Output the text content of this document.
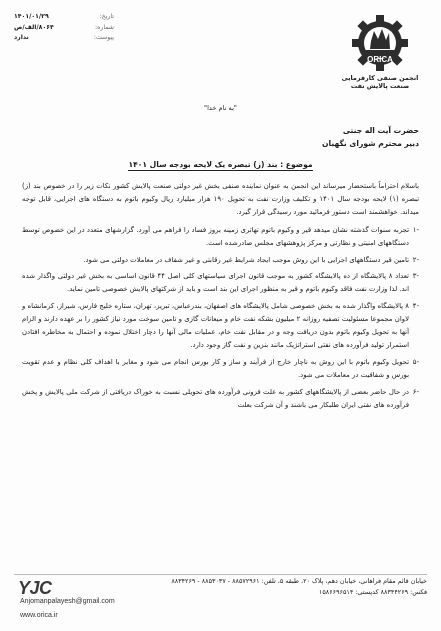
تاریخ:
۱۴۰۱/۰۱/۲۹
شماره:
۸۰۶۴/الف/ص
پیوست:
ندارد
ORICA
انجمن صنفی کارفرمایی
صنعت پالایش نفت
"به نام خدا"
حضرت آیت اله جنتی
دبیر محترم شورای نگهبان
موضوع : بند (ز) تبصره یک لایحه بودجه سال ۱۴۰۱

باسلام احتراماً باستحضار میرساند این انجمن به عنوان نماینده صنفی بخش غیر دولتی صنعت پالایش کشور نکات زیر را در خصوص بند (ز) تبصره (۱) لایحه بودجه سال ۱۴۰۱ و تکلیف وزارت نفت به تحویل ۱۹۰ هزار میلیارد ریال وکیوم باتوم به دستگاه های اجرایی، قابل توجه میداند. خواهشمند است دستور فرمائید مورد رسیدگی قرار گیرد.

-۱
تجربه سنوات گذشته نشان میدهد قیر و وکیوم باتوم تهاتری زمینه بروز فساد را فراهم می آورد. گزارشهای متعدد در این خصوص توسط دستگاههای امنیتی و نظارتی و مرکز پژوهشهای مجلس صادرشده است.
-۲
تامین قیر دستگاههای اجرایی با این روش موجب ایجاد شرایط غیر رقابتی و غیر شفاف در معاملات دولتی می شود.
-۳
تعداد ۸ پالایشگاه از ده پالایشگاه کشور به موجب قانون اجرای سیاستهای کلی اصل ۴۴ قانون اساسی به بخش غیر دولتی واگذار شده اند. لذا وزارت نفت فاقد وکیوم باتوم و قیر به منظور اجرای این بند است و باید از شرکتهای پالایش خصوصی تامین نماید.
-۴
۸ پالایشگاه واگذار شده به بخش خصوصی شامل پالایشگاه های اصفهان، بندرعباس، تبریز، تهران، ستاره خلیج فارس، شیراز، کرمانشاه و لاوان مجموعا مسئولیت تصفیه روزانه ۲ میلیون بشکه نفت خام و میعانات گازی و تامین سوخت مورد نیاز کشور را بر عهده دارند و الزام آنها به تحویل وکیوم باتوم بدون دریافت وجه و در مقابل نفت خام، عملیات مالی آنها را دچار اختلال نموده و احتمال به مخاطره افتادن استمرار تولید فرآورده های نفتی استراتژیک مانند بنزین و نفت گاز وجود دارد.
-۵
تحویل وکیوم باتوم با این روش به ناچار خارج از فرآیند و ساز و کار بورس انجام می شود و مغایر با اهداف کلی نظام و عدم تقویت بورس و شفافیت در معاملات می شود.
-۶
در حال حاضر بعضی از پالایشگاههای کشور به علت فزونی فرآورده های تحویلی نسبت به خوراک دریافتی از شرکت ملی پالایش و پخش فرآورده های نفتی ایران طلبکار می باشند و آن شرکت بعلت
خیابان قائم مقام فراهانی، خیابان دهم، پلاک ۲۰، طبقه ۵، تلفن: ۸۸۵۷۲۹۶۱ - ۸۸۵۳۰۳۷ - ۸۸۳۴۲۶۹
فکس: ۸۸۳۴۴۲۶۹ کدپستی: ۱۵۸۶۶۹۶۵۱۴
YJC
Anjomanpalayesh@gmail.com
www.orica.ir
